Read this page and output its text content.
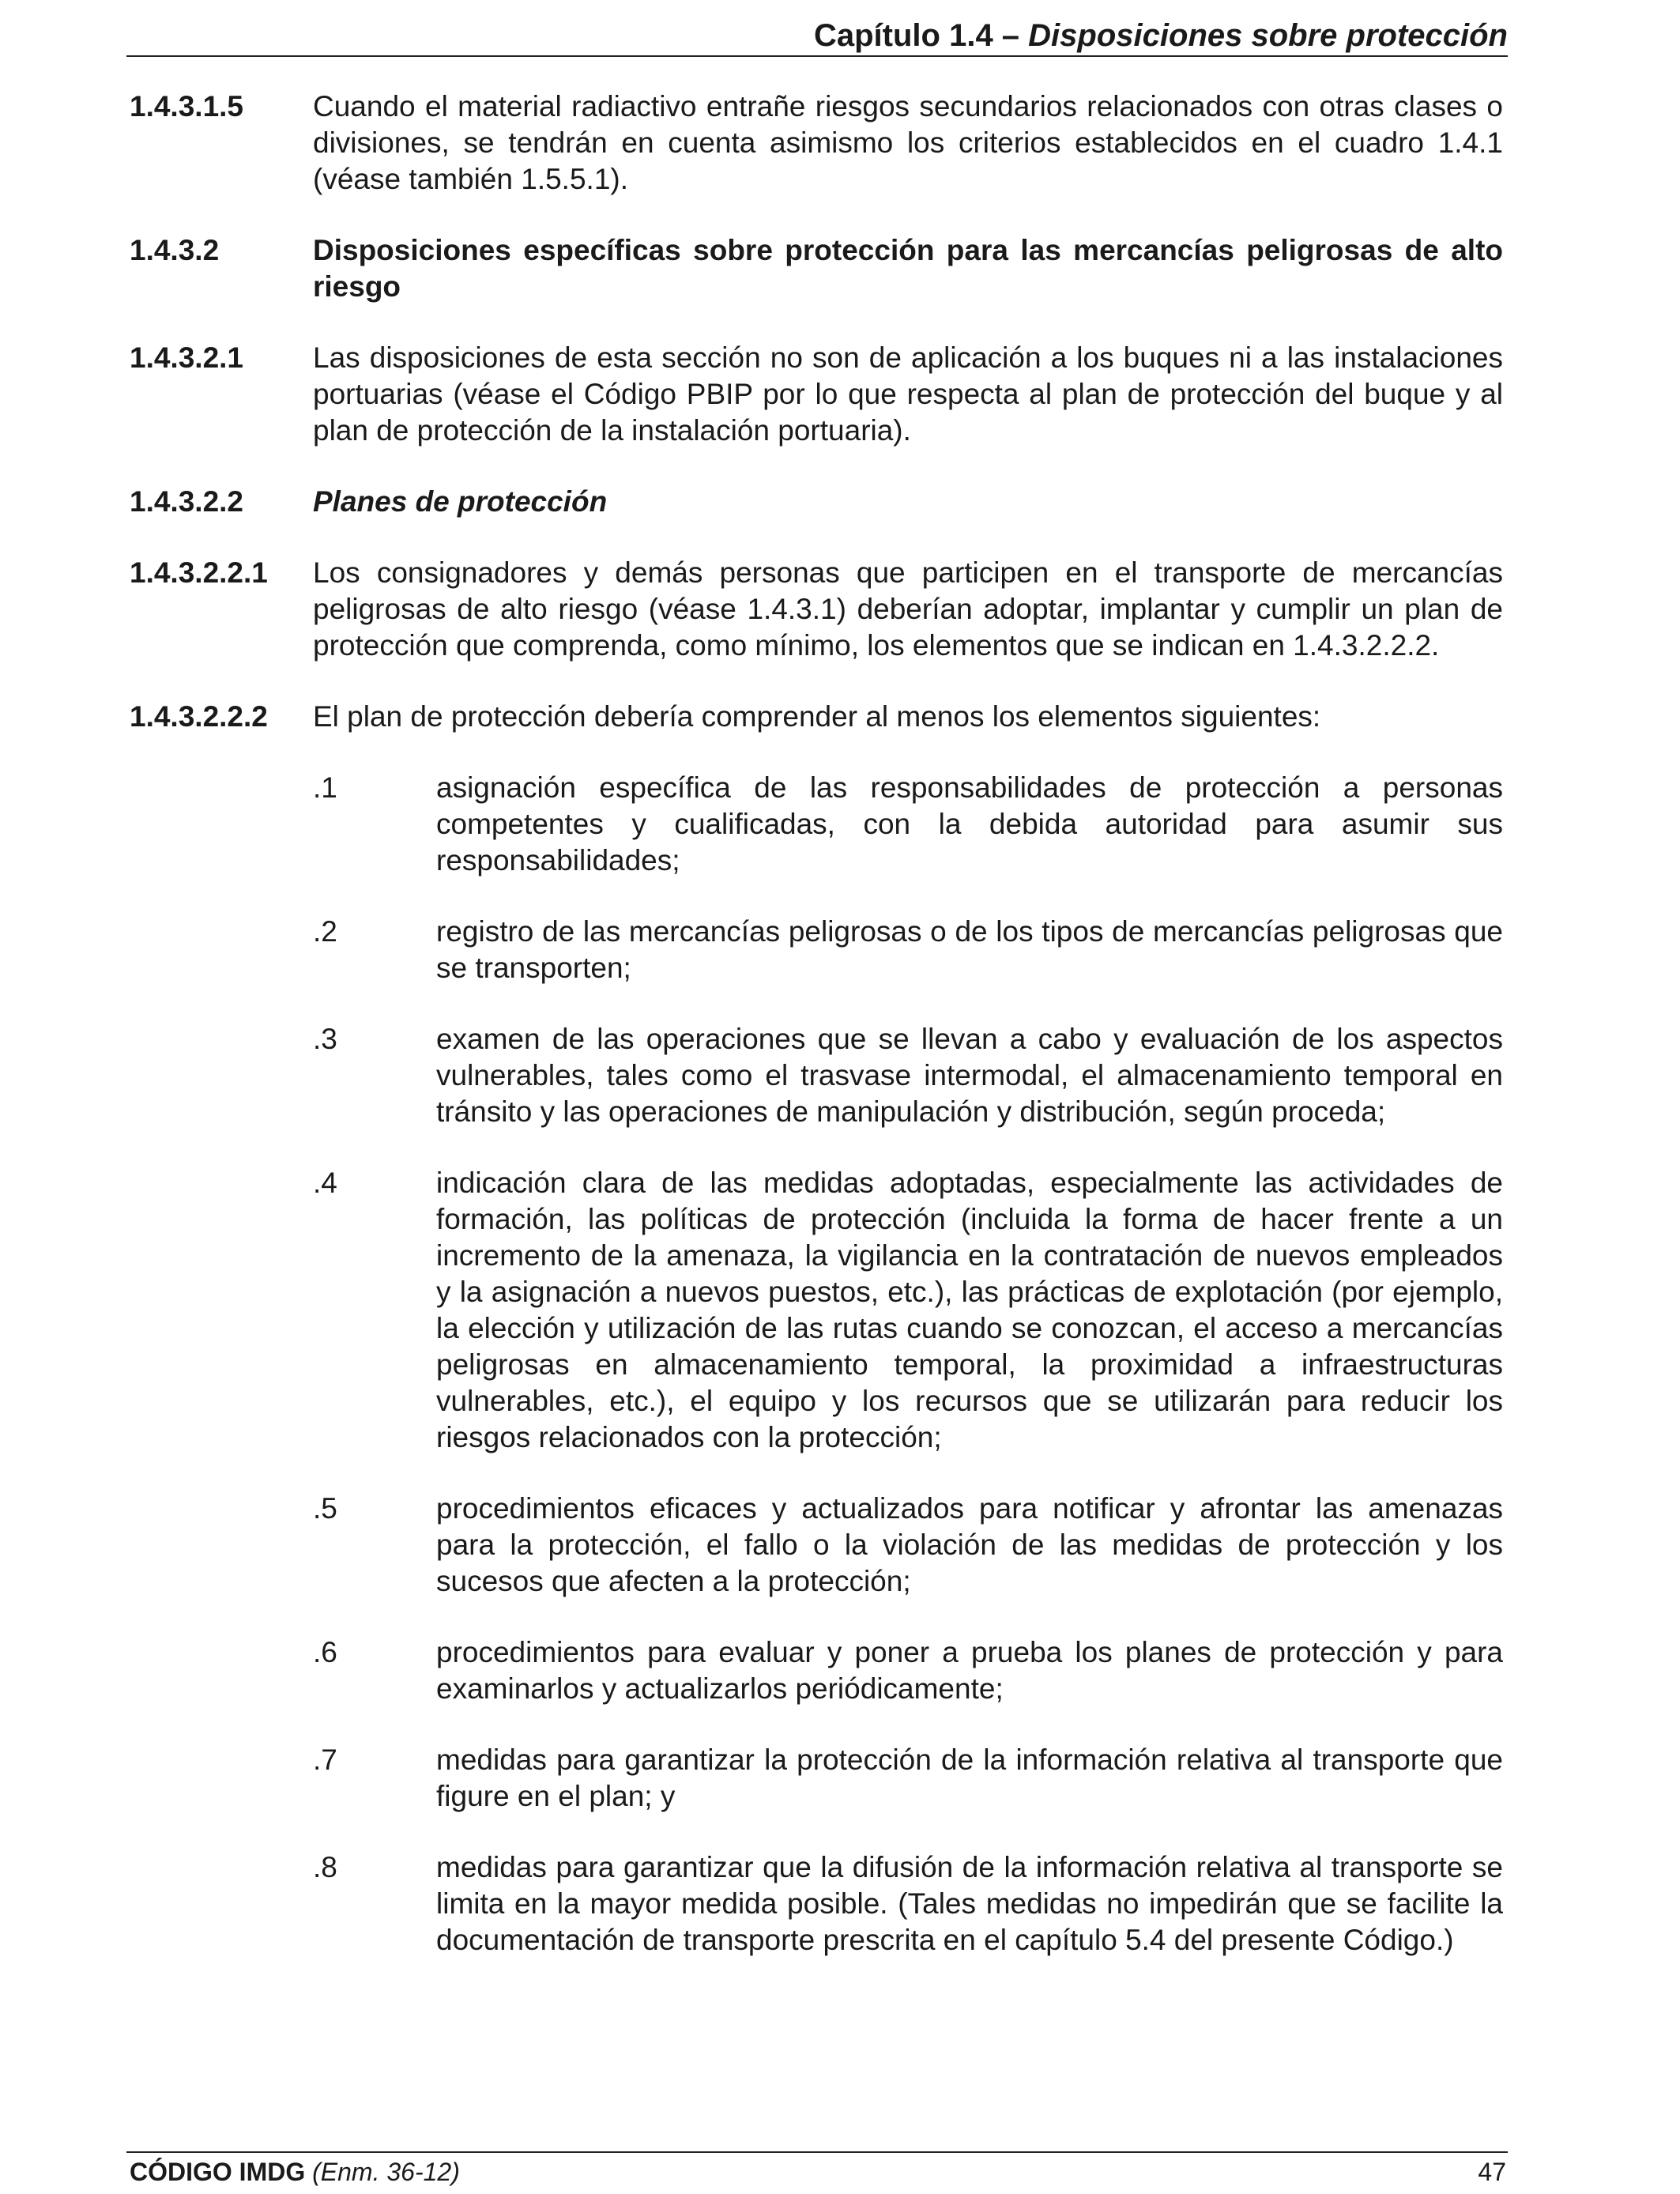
Capítulo 1.4 – Disposiciones sobre protección
1.4.3.1.5 Cuando el material radiactivo entrañe riesgos secundarios relacionados con otras clases o divisiones, se tendrán en cuenta asimismo los criterios establecidos en el cuadro 1.4.1 (véase también 1.5.5.1).
1.4.3.2	Disposiciones específicas sobre protección para las mercancías peligrosas de alto riesgo
1.4.3.2.1 Las disposiciones de esta sección no son de aplicación a los buques ni a las instalaciones portuarias (véase el Código PBIP por lo que respecta al plan de protección del buque y al plan de protección de la instalación portuaria).
1.4.3.2.2 Planes de protección
1.4.3.2.2.1 Los consignadores y demás personas que participen en el transporte de mercancías peligrosas de alto riesgo (véase 1.4.3.1) deberían adoptar, implantar y cumplir un plan de protección que comprenda, como mínimo, los elementos que se indican en 1.4.3.2.2.2.
1.4.3.2.2.2 El plan de protección debería comprender al menos los elementos siguientes:
.1	asignación específica de las responsabilidades de protección a personas competentes y cualificadas, con la debida autoridad para asumir sus responsabilidades;
.2	registro de las mercancías peligrosas o de los tipos de mercancías peligrosas que se transporten;
.3	examen de las operaciones que se llevan a cabo y evaluación de los aspectos vulnerables, tales como el trasvase intermodal, el almacenamiento temporal en tránsito y las operaciones de manipulación y distribución, según proceda;
.4	indicación clara de las medidas adoptadas, especialmente las actividades de formación, las políticas de protección (incluida la forma de hacer frente a un incremento de la amenaza, la vigilancia en la contratación de nuevos empleados y la asignación a nuevos puestos, etc.), las prácticas de explotación (por ejemplo, la elección y utilización de las rutas cuando se conozcan, el acceso a mercancías peligrosas en almacenamiento temporal, la proximidad a infraestructuras vulnerables, etc.), el equipo y los recursos que se utilizarán para reducir los riesgos relacionados con la protección;
.5	procedimientos eficaces y actualizados para notificar y afrontar las amenazas para la protección, el fallo o la violación de las medidas de protección y los sucesos que afecten a la protección;
.6	procedimientos para evaluar y poner a prueba los planes de protección y para examinarlos y actualizarlos periódicamente;
.7	medidas para garantizar la protección de la información relativa al transporte que figure en el plan; y
.8	medidas para garantizar que la difusión de la información relativa al transporte se limita en la mayor medida posible. (Tales medidas no impedirán que se facilite la documentación de transporte prescrita en el capítulo 5.4 del presente Código.)
CÓDIGO IMDG (Enm. 36-12)	47
